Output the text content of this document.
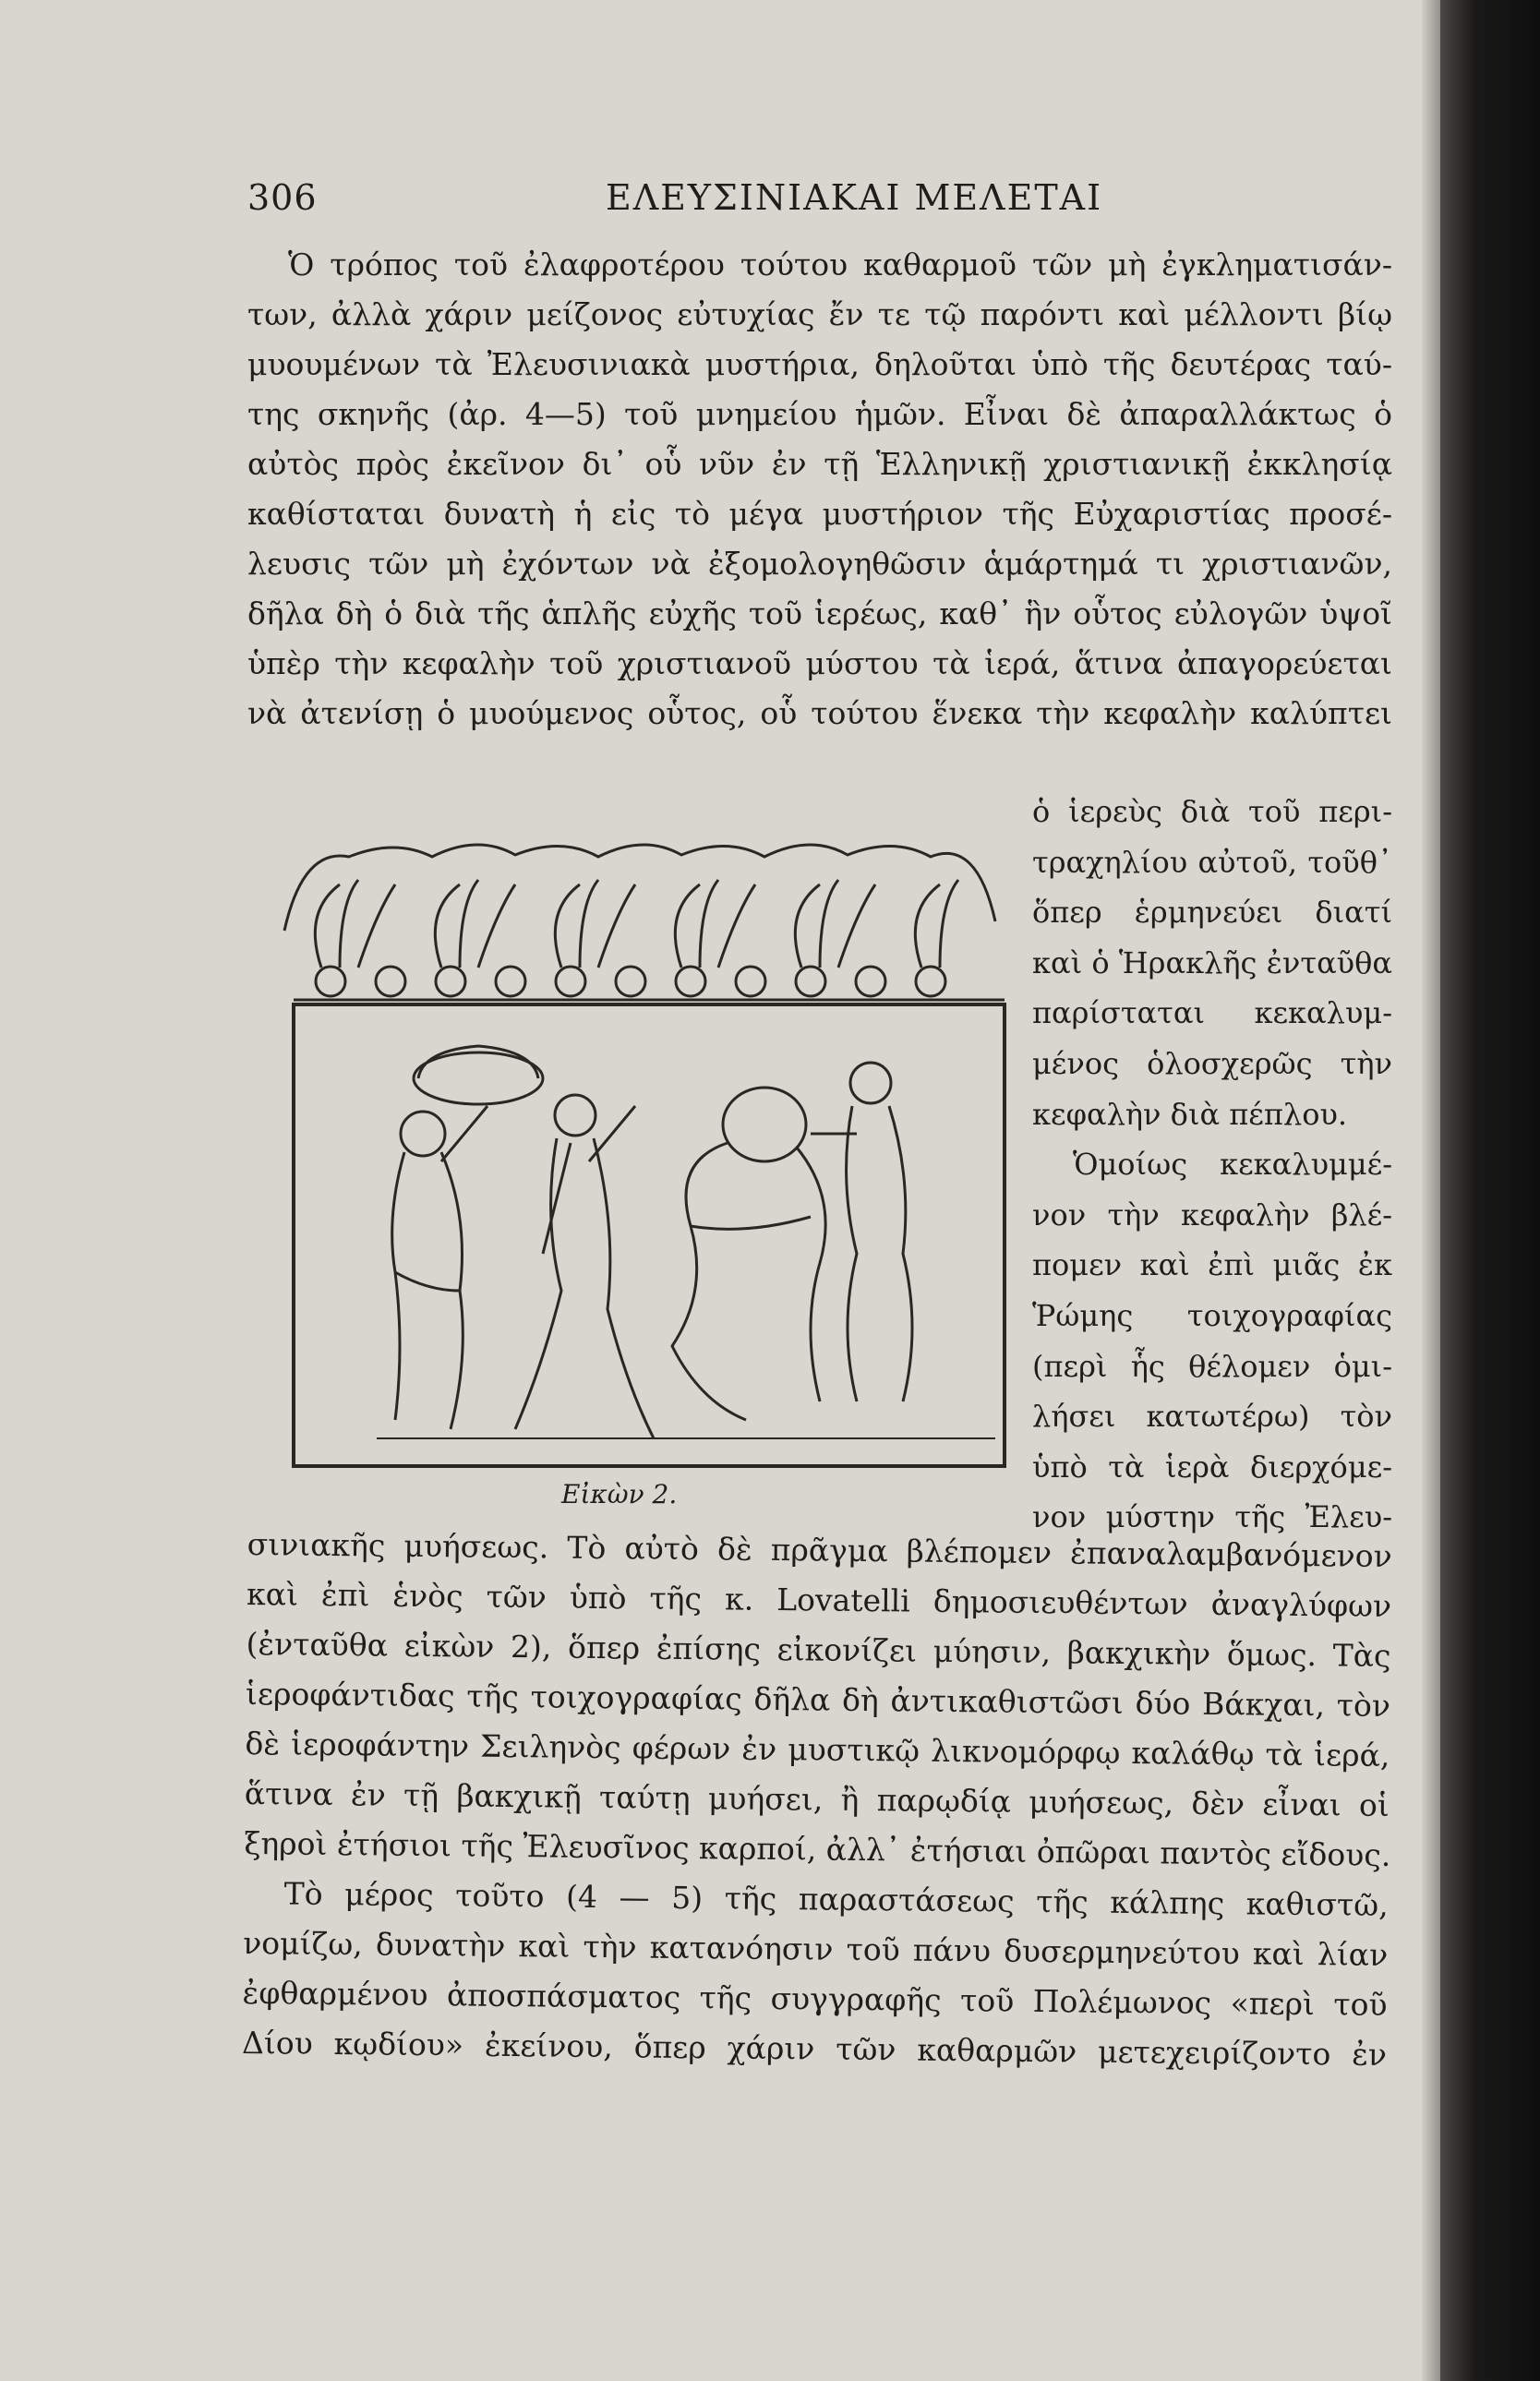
306	ΕΛΕΥΣΙΝΙΑΚΑΙ ΜΕΛΕΤΑΙ
Ὁ τρόπος τοῦ ἐλαφροτέρου τούτου καθαρμοῦ τῶν μὴ ἐγκληματισάν-
των, ἀλλὰ χάριν μείζονος εὐτυχίας ἔν τε τῷ παρόντι καὶ μέλλοντι βίῳ
μυουμένων τὰ Ἐλευσινιακὰ μυστήρια, δηλοῦται ὑπὸ τῆς δευτέρας ταύ-
της σκηνῆς (ἀρ. 4—5) τοῦ μνημείου ἡμῶν. Εἶναι δὲ ἀπαραλλάκτως ὁ
αὐτὸς πρὸς ἐκεῖνον δι᾽ οὗ νῦν ἐν τῇ Ἑλληνικῇ χριστιανικῇ ἐκκλησίᾳ
καθίσταται δυνατὴ ἡ εἰς τὸ μέγα μυστήριον τῆς Εὐχαριστίας προσέ-
λευσις τῶν μὴ ἐχόντων νὰ ἐξομολογηθῶσιν ἁμάρτημά τι χριστιανῶν,
δῆλα δὴ ὁ διὰ τῆς ἁπλῆς εὐχῆς τοῦ ἱερέως, καθ᾽ ἣν οὗτος εὐλογῶν ὑψοῖ
ὑπὲρ τὴν κεφαλὴν τοῦ χριστιανοῦ μύστου τὰ ἱερά, ἅτινα ἀπαγορεύεται
νὰ ἀτενίσῃ ὁ μυούμενος οὗτος, οὗ τούτου ἕνεκα τὴν κεφαλὴν καλύπτει
ὁ ἱερεὺς διὰ τοῦ περι-
τραχηλίου αὐτοῦ, τοῦθ᾽
ὅπερ ἑρμηνεύει διατί
καὶ ὁ Ἡρακλῆς ἐνταῦθα
παρίσταται κεκαλυμ-
μένος ὁλοσχερῶς τὴν
κεφαλὴν διὰ πέπλου.
Ὁμοίως κεκαλυμμέ-
νον τὴν κεφαλὴν βλέ-
πομεν καὶ ἐπὶ μιᾶς ἐκ
Ῥώμης τοιχογραφίας
(περὶ ἧς θέλομεν ὁμι-
λήσει κατωτέρω) τὸν
ὑπὸ τὰ ἱερὰ διερχόμε-
νον μύστην τῆς Ἐλευ-
Εἰκὼν 2.
σινιακῆς μυήσεως. Τὸ αὐτὸ δὲ πρᾶγμα βλέπομεν ἐπαναλαμβανόμενον
καὶ ἐπὶ ἑνὸς τῶν ὑπὸ τῆς κ. Lovatelli δημοσιευθέντων ἀναγλύφων
(ἐνταῦθα εἰκὼν 2), ὅπερ ἐπίσης εἰκονίζει μύησιν, βακχικὴν ὅμως. Τὰς
ἱεροφάντιδας τῆς τοιχογραφίας δῆλα δὴ ἀντικαθιστῶσι δύο Βάκχαι, τὸν
δὲ ἱεροφάντην Σειληνὸς φέρων ἐν μυστικῷ λικνομόρφῳ καλάθῳ τὰ ἱερά,
ἅτινα ἐν τῇ βακχικῇ ταύτῃ μυήσει, ἢ παρῳδίᾳ μυήσεως, δὲν εἶναι οἱ
ξηροὶ ἐτήσιοι τῆς Ἐλευσῖνος καρποί, ἀλλ᾽ ἐτήσιαι ὀπῶραι παντὸς εἴδους.
Τὸ μέρος τοῦτο (4 — 5) τῆς παραστάσεως τῆς κάλπης καθιστῶ,
νομίζω, δυνατὴν καὶ τὴν κατανόησιν τοῦ πάνυ δυσερμηνεύτου καὶ λίαν
ἐφθαρμένου ἀποσπάσματος τῆς συγγραφῆς τοῦ Πολέμωνος «περὶ τοῦ
Δίου κῳδίου» ἐκείνου, ὅπερ χάριν τῶν καθαρμῶν μετεχειρίζοντο ἐν
